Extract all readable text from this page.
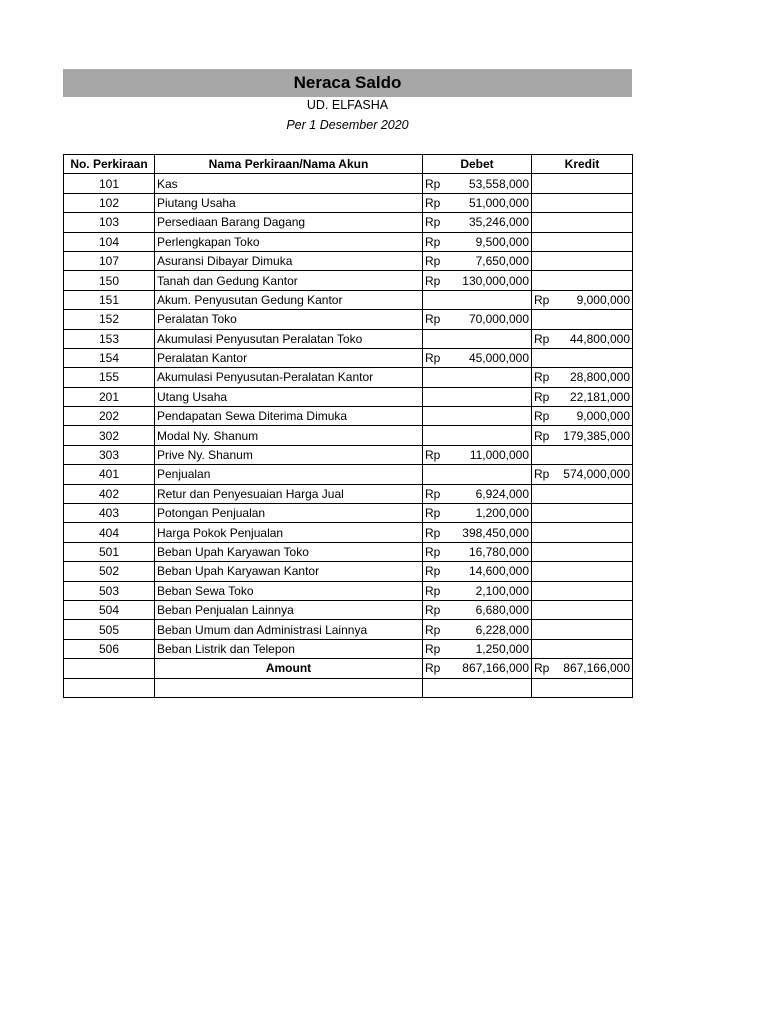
Neraca Saldo
UD. ELFASHA
Per 1 Desember 2020
No. Perkiraan	Nama Perkiraan/Nama Akun	Debet	Kredit
101	Kas	Rp 53,558,000	

102	Piutang Usaha	Rp 51,000,000	

103	Persediaan Barang Dagang	Rp 35,246,000	

104	Perlengkapan Toko	Rp 9,500,000	

107	Asuransi Dibayar Dimuka	Rp 7,650,000	

150	Tanah dan Gedung Kantor	Rp 130,000,000	

151	Akum. Penyusutan Gedung Kantor		Rp 9,000,000

152	Peralatan Toko	Rp 70,000,000	

153	Akumulasi Penyusutan Peralatan Toko		Rp 44,800,000

154	Peralatan Kantor	Rp 45,000,000	

155	Akumulasi Penyusutan-Peralatan Kantor		Rp 28,800,000

201	Utang Usaha		Rp 22,181,000

202	Pendapatan Sewa Diterima Dimuka		Rp 9,000,000

302	Modal Ny. Shanum		Rp 179,385,000

303	Prive Ny. Shanum	Rp 11,000,000	

401	Penjualan		Rp 574,000,000

402	Retur dan Penyesuaian Harga Jual	Rp 6,924,000	

403	Potongan Penjualan	Rp 1,200,000	

404	Harga Pokok Penjualan	Rp 398,450,000	

501	Beban Upah Karyawan Toko	Rp 16,780,000	

502	Beban Upah Karyawan Kantor	Rp 14,600,000	

503	Beban Sewa Toko	Rp 2,100,000	

504	Beban Penjualan Lainnya	Rp 6,680,000	

505	Beban Umum dan Administrasi Lainnya	Rp 6,228,000	

506	Beban Listrik dan Telepon	Rp 1,250,000	

	Amount	Rp 867,166,000	Rp 867,166,000
